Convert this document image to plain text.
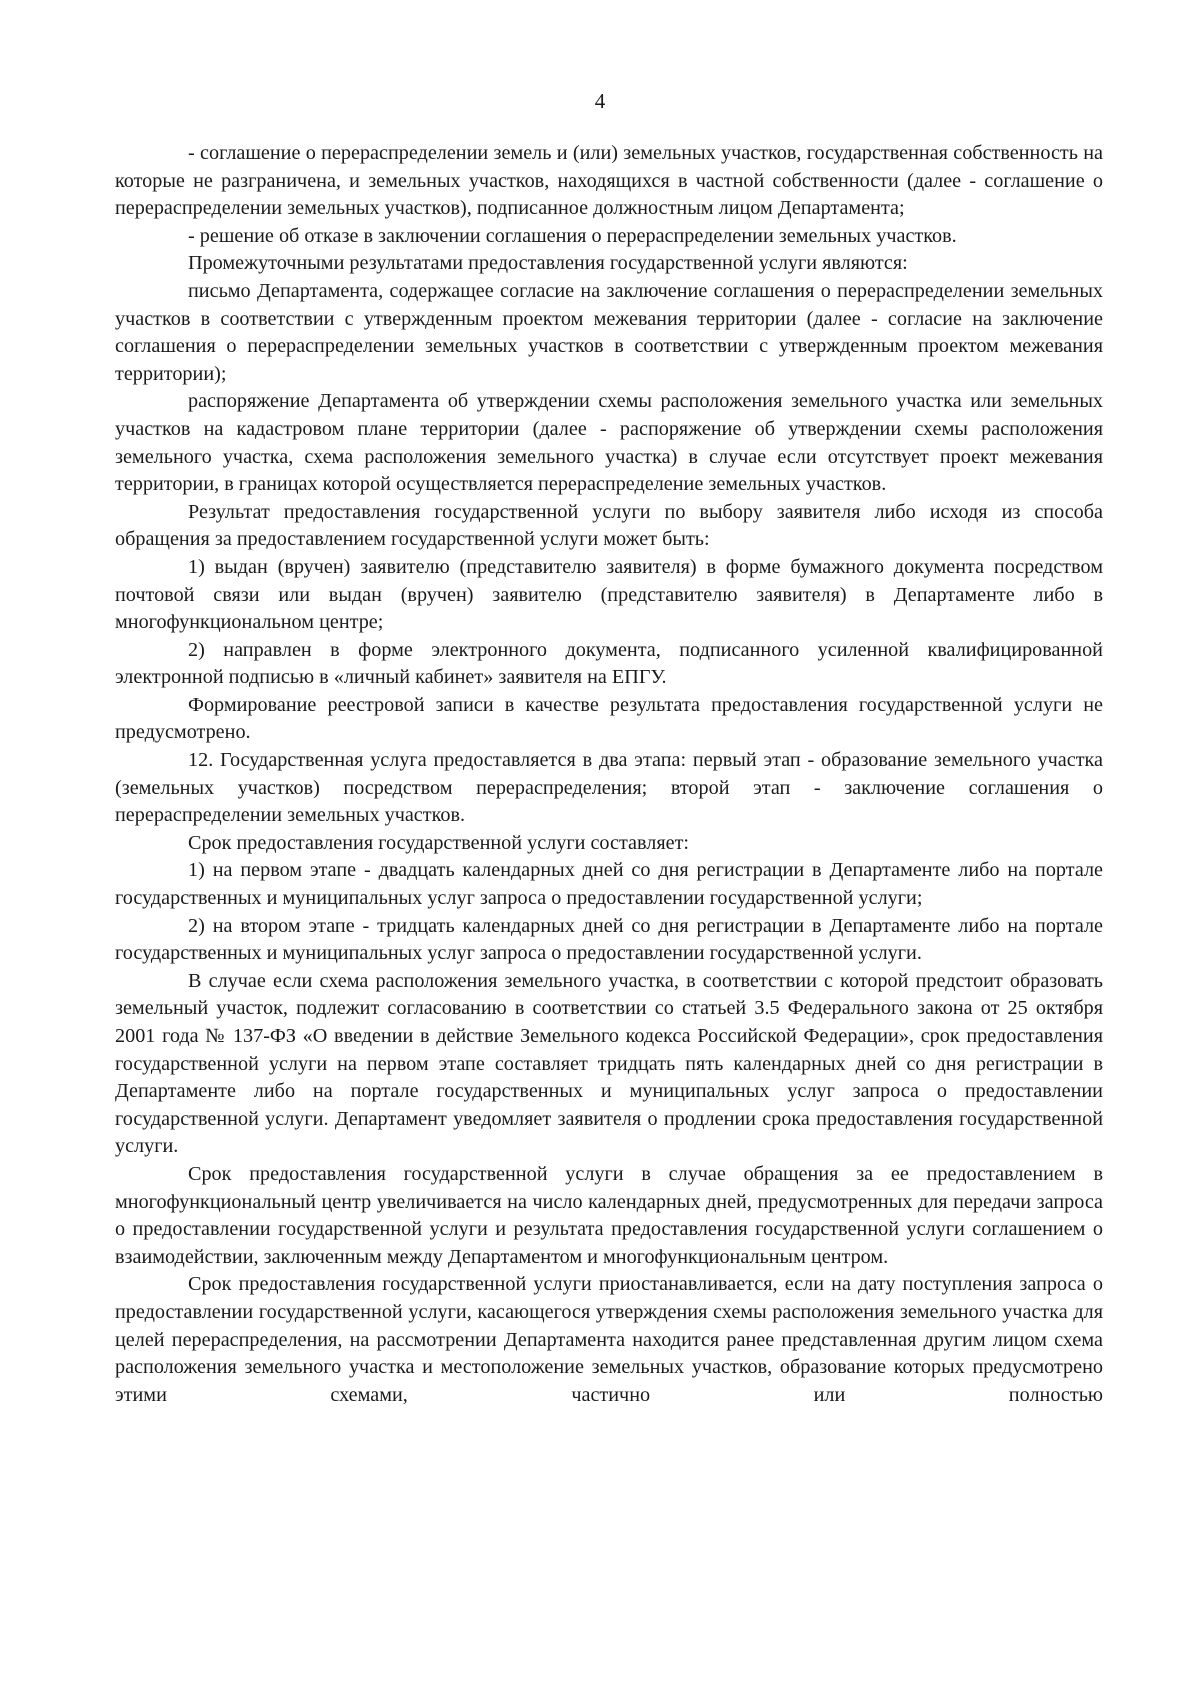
4

- соглашение о перераспределении земель и (или) земельных участков, государственная собственность на которые не разграничена, и земельных участков, находящихся в частной собственности (далее - соглашение о перераспределении земельных участков), подписанное должностным лицом Департамента;

- решение об отказе в заключении соглашения о перераспределении земельных участков.

Промежуточными результатами предоставления государственной услуги являются:

письмо Департамента, содержащее согласие на заключение соглашения о перераспределении земельных участков в соответствии с утвержденным проектом межевания территории (далее - согласие на заключение соглашения о перераспределении земельных участков в соответствии с утвержденным проектом межевания территории);

распоряжение Департамента об утверждении схемы расположения земельного участка или земельных участков на кадастровом плане территории (далее - распоряжение об утверждении схемы расположения земельного участка, схема расположения земельного участка) в случае если отсутствует проект межевания территории, в границах которой осуществляется перераспределение земельных участков.

Результат предоставления государственной услуги по выбору заявителя либо исходя из способа обращения за предоставлением государственной услуги может быть:

1) выдан (вручен) заявителю (представителю заявителя) в форме бумажного документа посредством почтовой связи или выдан (вручен) заявителю (представителю заявителя) в Департаменте либо в многофункциональном центре;

2) направлен в форме электронного документа, подписанного усиленной квалифицированной электронной подписью в «личный кабинет» заявителя на ЕПГУ.

Формирование реестровой записи в качестве результата предоставления государственной услуги не предусмотрено.

12. Государственная услуга предоставляется в два этапа: первый этап - образование земельного участка (земельных участков) посредством перераспределения; второй этап - заключение соглашения о перераспределении земельных участков.

Срок предоставления государственной услуги составляет:

1) на первом этапе - двадцать календарных дней со дня регистрации в Департаменте либо на портале государственных и муниципальных услуг запроса о предоставлении государственной услуги;

2) на втором этапе - тридцать календарных дней со дня регистрации в Департаменте либо на портале государственных и муниципальных услуг запроса о предоставлении государственной услуги.

В случае если схема расположения земельного участка, в соответствии с которой предстоит образовать земельный участок, подлежит согласованию в соответствии со статьей 3.5 Федерального закона от 25 октября 2001 года № 137-ФЗ «О введении в действие Земельного кодекса Российской Федерации», срок предоставления государственной услуги на первом этапе составляет тридцать пять календарных дней со дня регистрации в Департаменте либо на портале государственных и муниципальных услуг запроса о предоставлении государственной услуги. Департамент уведомляет заявителя о продлении срока предоставления государственной услуги.

Срок предоставления государственной услуги в случае обращения за ее предоставлением в многофункциональный центр увеличивается на число календарных дней, предусмотренных для передачи запроса о предоставлении государственной услуги и результата предоставления государственной услуги соглашением о взаимодействии, заключенным между Департаментом и многофункциональным центром.

Срок предоставления государственной услуги приостанавливается, если на дату поступления запроса о предоставлении государственной услуги, касающегося утверждения схемы расположения земельного участка для целей перераспределения, на рассмотрении Департамента находится ранее представленная другим лицом схема расположения земельного участка и местоположение земельных участков, образование которых предусмотрено этими схемами, частично или полностью
